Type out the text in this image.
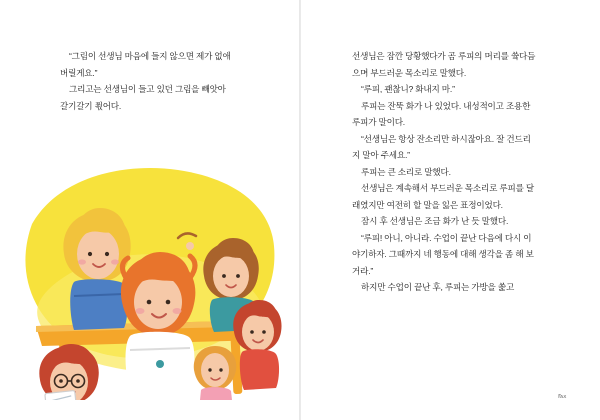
“그림이 선생님 마음에 들지 않으면 제가 없애 버릴게요.”

그리고는 선생님이 들고 있던 그림을 빼앗아 갈기갈기 쬓어다.

선생님은 잠깐 당황했다가 곰 루피의 머리를 쓬다듬으며 부드러운 목소리로 말했다.

“루피, 괜찮니? 화내지 마.”

루피는 잔뚝 화가 나 있었다. 내성적이고 조용한 루피가 말이다.

“선생님은 항상 잔소리만 하시잖아요. 잘 건드리지 말아 주세요.”

루피는 큰 소리로 말했다.

선생님은 계속해서 부드러운 목소리로 루피를 달래였지만 여전히 할 말을 잃은 표정이었다.

잠시 후 선생님은 조금 화가 난 듯 말했다.

“루피! 아니, 아니라. 수업이 끝난 다음에 다시 이야기하자. 그때까지 네 행동에 대해 생각을 좀 해 보거라.”

하지만 수업이 끝난 후, 루피는 가방을 쏥고

℻
